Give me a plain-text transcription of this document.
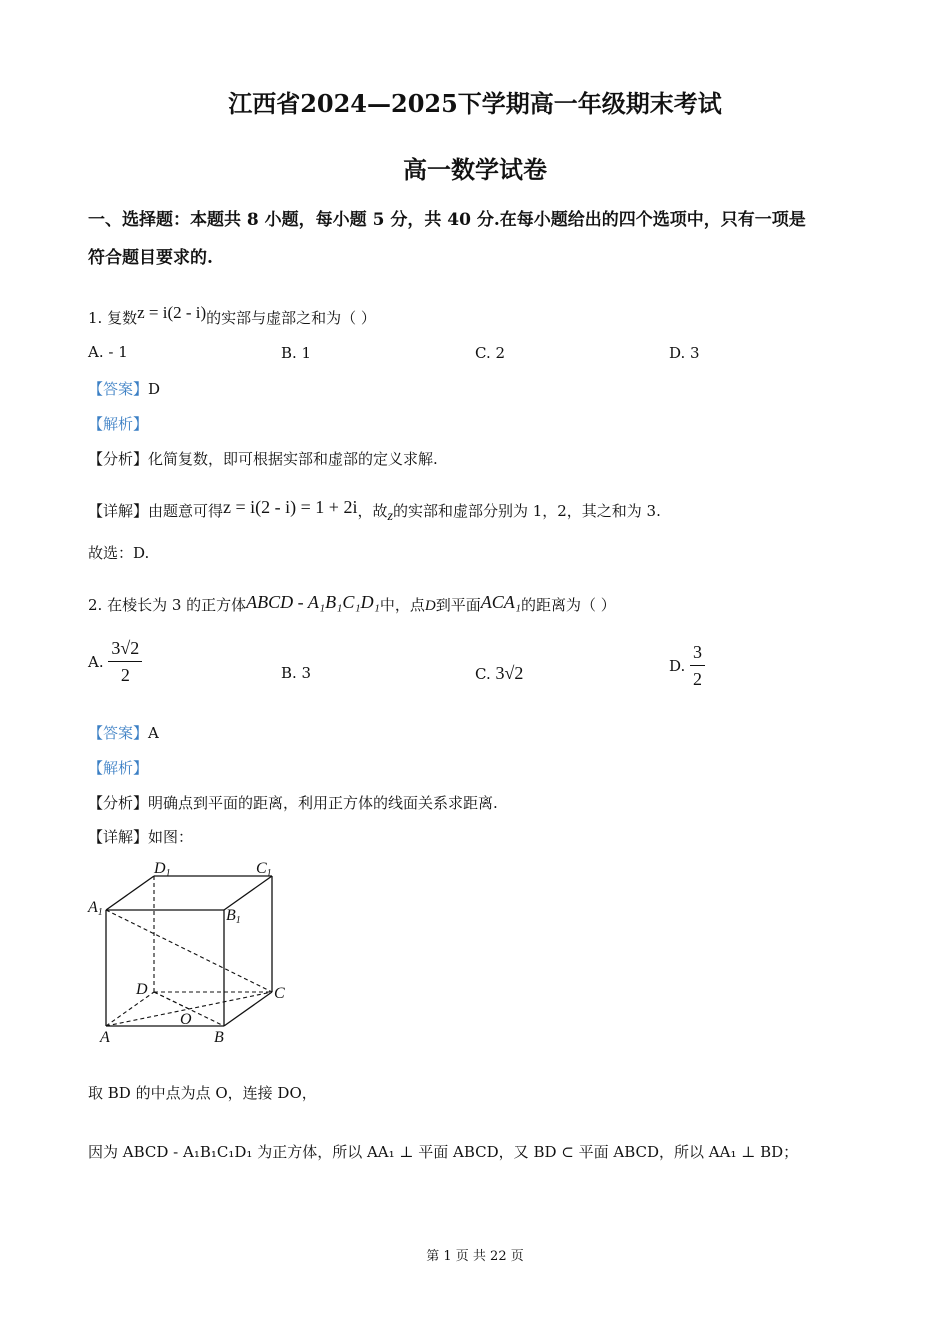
江西省2024—2025下学期高一年级期末考试
高一数学试卷
一、选择题：本题共 8 小题，每小题 5 分，共 40 分.在每小题给出的四个选项中，只有一项是
符合题目要求的.
1. 复数z = i(2 - i)的实部与虚部之和为（ ）
A. - 1	B. 1	C. 2	D. 3
【答案】D
【解析】
【分析】化简复数，即可根据实部和虚部的定义求解.
【详解】由题意可得z = i(2 - i) = 1 + 2i，故z的实部和虚部分别为 1，2，其之和为 3.
故选：D.
2. 在棱长为 3 的正方体ABCD - A₁B₁C₁D₁中，点D到平面ACA₁的距离为（ ）
A. $\frac{3√2}{2}$	B. 3	C. 3√2	D. $\frac{3}{2}$
【答案】A
【解析】
【分析】明确点到平面的距离，利用正方体的线面关系求距离.
【详解】如图：
D1	C1
A1	B1
D	C
O
A	B
取 BD 的中点为点 O，连接 DO，
因为 ABCD - A₁B₁C₁D₁ 为正方体，所以 AA₁ ⊥ 平面 ABCD，又 BD ⊂ 平面 ABCD，所以 AA₁ ⊥ BD；
第 1 页 共 22 页
